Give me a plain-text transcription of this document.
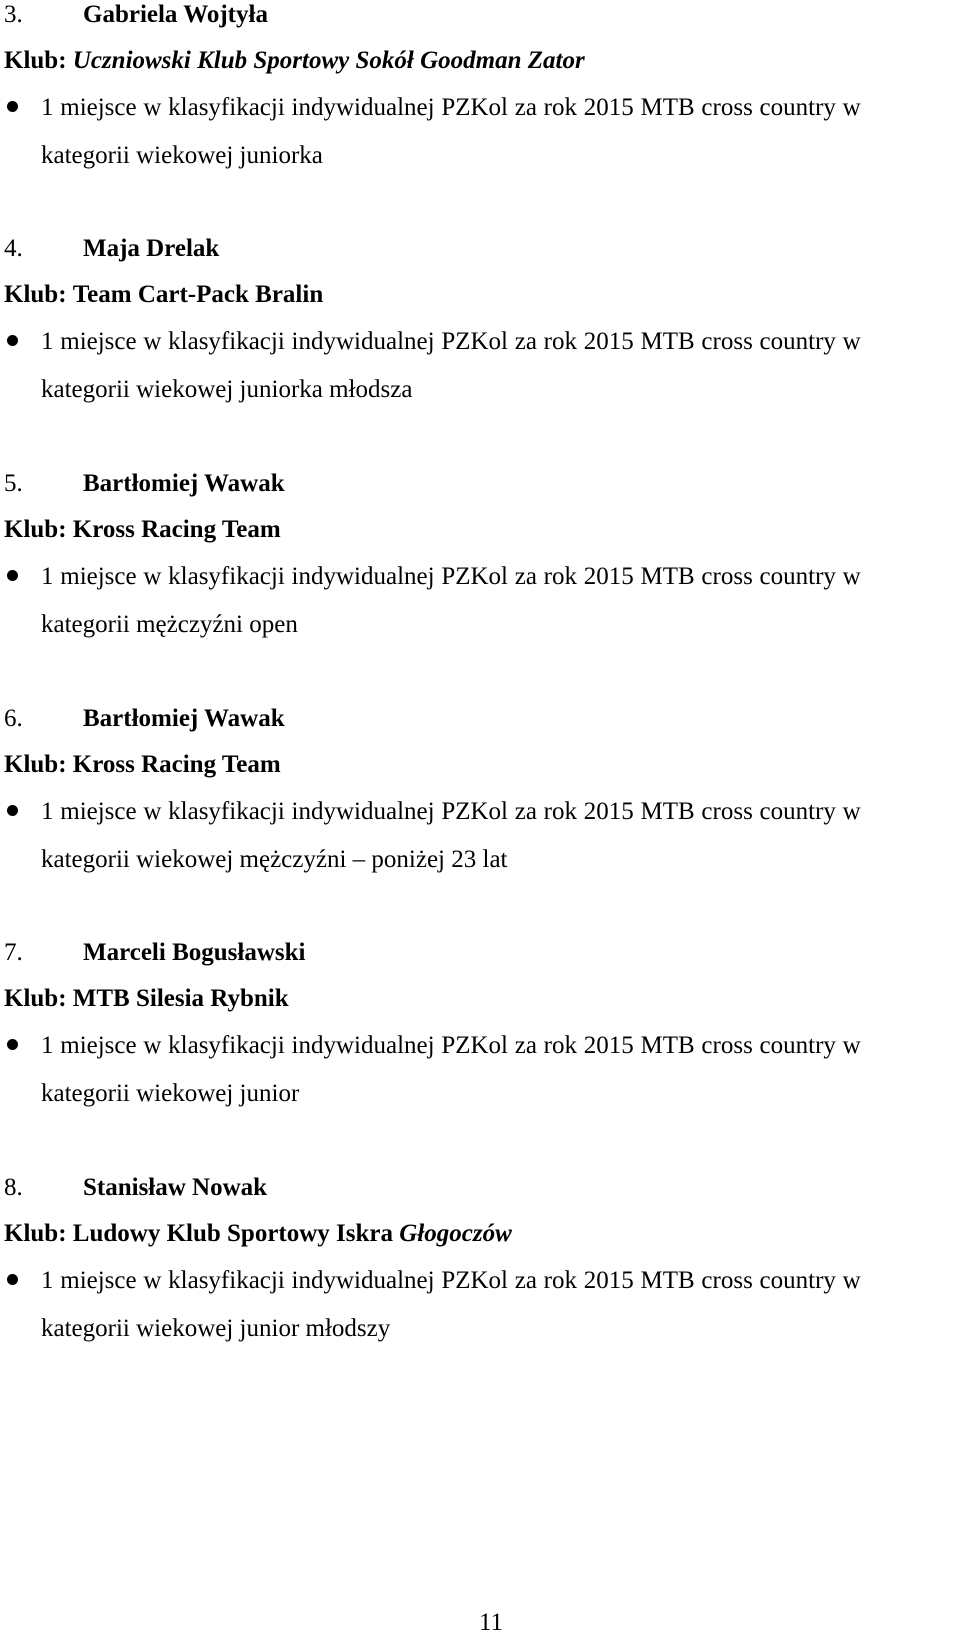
3. Gabriela Wojtyła
Klub: Uczniowski Klub Sportowy Sokół Goodman Zator
1 miejsce w klasyfikacji indywidualnej PZKol za rok 2015 MTB cross country w
kategorii wiekowej juniorka
4. Maja Drelak
Klub: Team Cart-Pack Bralin
1 miejsce w klasyfikacji indywidualnej PZKol za rok 2015 MTB cross country w
kategorii wiekowej juniorka młodsza
5. Bartłomiej Wawak
Klub: Kross Racing Team
1 miejsce w klasyfikacji indywidualnej PZKol za rok 2015 MTB cross country w
kategorii mężczyźni open
6. Bartłomiej Wawak
Klub: Kross Racing Team
1 miejsce w klasyfikacji indywidualnej PZKol za rok 2015 MTB cross country w
kategorii wiekowej mężczyźni – poniżej 23 lat
7. Marceli Bogusławski
Klub: MTB Silesia Rybnik
1 miejsce w klasyfikacji indywidualnej PZKol za rok 2015 MTB cross country w
kategorii wiekowej junior
8. Stanisław Nowak
Klub: Ludowy Klub Sportowy Iskra Głogoczów
1 miejsce w klasyfikacji indywidualnej PZKol za rok 2015 MTB cross country w
kategorii wiekowej junior młodszy
11
